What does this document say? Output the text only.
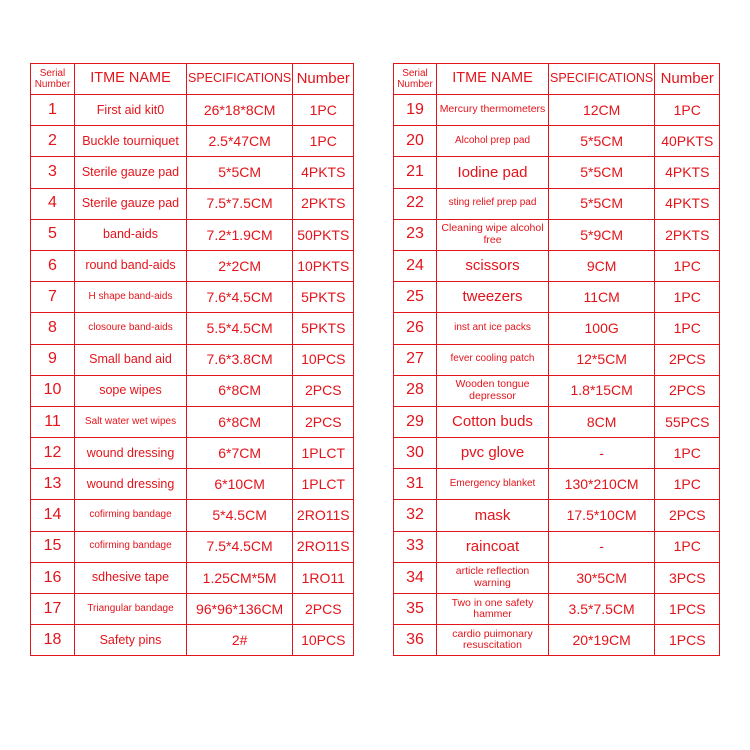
Serial Number	ITME NAME	SPECIFICATIONS	Number
1	First aid kit0	26*18*8CM	1PC
2	Buckle tourniquet	2.5*47CM	1PC
3	Sterile gauze pad	5*5CM	4PKTS
4	Sterile gauze pad	7.5*7.5CM	2PKTS
5	band-aids	7.2*1.9CM	50PKTS
6	round band-aids	2*2CM	10PKTS
7	H shape band-aids	7.6*4.5CM	5PKTS
8	closoure band-aids	5.5*4.5CM	5PKTS
9	Small band aid	7.6*3.8CM	10PCS
10	sope wipes	6*8CM	2PCS
11	Salt water wet wipes	6*8CM	2PCS
12	wound dressing	6*7CM	1PLCT
13	wound dressing	6*10CM	1PLCT
14	cofirming bandage	5*4.5CM	2RO11S
15	cofirming bandage	7.5*4.5CM	2RO11S
16	sdhesive tape	1.25CM*5M	1RO11
17	Triangular bandage	96*96*136CM	2PCS
18	Safety pins	2#	10PCS
Serial Number	ITME NAME	SPECIFICATIONS	Number
19	Mercury thermometers	12CM	1PC
20	Alcohol prep pad	5*5CM	40PKTS
21	Iodine pad	5*5CM	4PKTS
22	sting relief prep pad	5*5CM	4PKTS
23	Cleaning wipe alcohol free	5*9CM	2PKTS
24	scissors	9CM	1PC
25	tweezers	11CM	1PC
26	inst ant ice packs	100G	1PC
27	fever cooling patch	12*5CM	2PCS
28	Wooden tongue depressor	1.8*15CM	2PCS
29	Cotton buds	8CM	55PCS
30	pvc glove	-	1PC
31	Emergency blanket	130*210CM	1PC
32	mask	17.5*10CM	2PCS
33	raincoat	-	1PC
34	article reflection warning	30*5CM	3PCS
35	Two in one safety hammer	3.5*7.5CM	1PCS
36	cardio puimonary resuscitation	20*19CM	1PCS
